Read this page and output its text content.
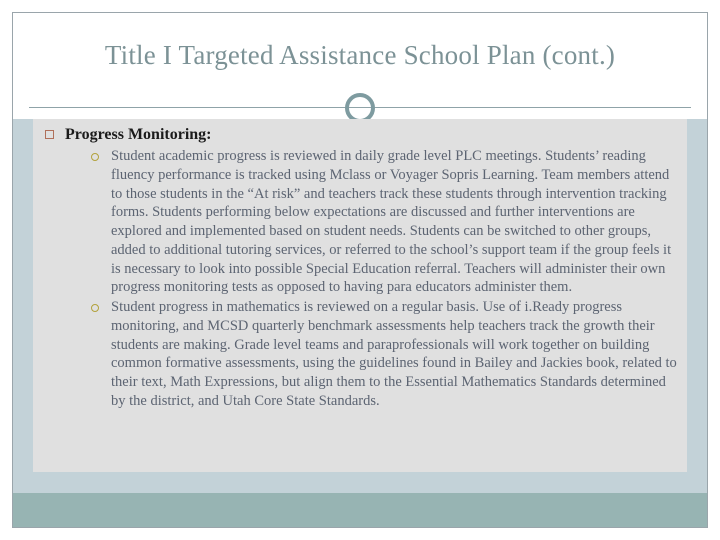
Title I Targeted Assistance School Plan (cont.)
Progress Monitoring:
Student academic progress is reviewed in daily grade level PLC meetings. Students’ reading fluency performance is tracked using Mclass or Voyager Sopris Learning. Team members attend to those students in the “At risk” and teachers track these students through intervention tracking forms. Students performing below expectations are discussed and further interventions are explored and implemented based on student needs. Students can be switched to other groups, added to additional tutoring services, or referred to the school’s support team if the group feels it is necessary to look into possible Special Education referral. Teachers will administer their own progress monitoring tests as opposed to having para educators administer them.
Student progress in mathematics is reviewed on a regular basis. Use of i.Ready progress monitoring, and MCSD quarterly benchmark assessments help teachers track the growth their students are making. Grade level teams and paraprofessionals will work together on building common formative assessments, using the guidelines found in Bailey and Jackies book, related to their text, Math Expressions, but align them to the Essential Mathematics Standards determined by the district, and Utah Core State Standards.
